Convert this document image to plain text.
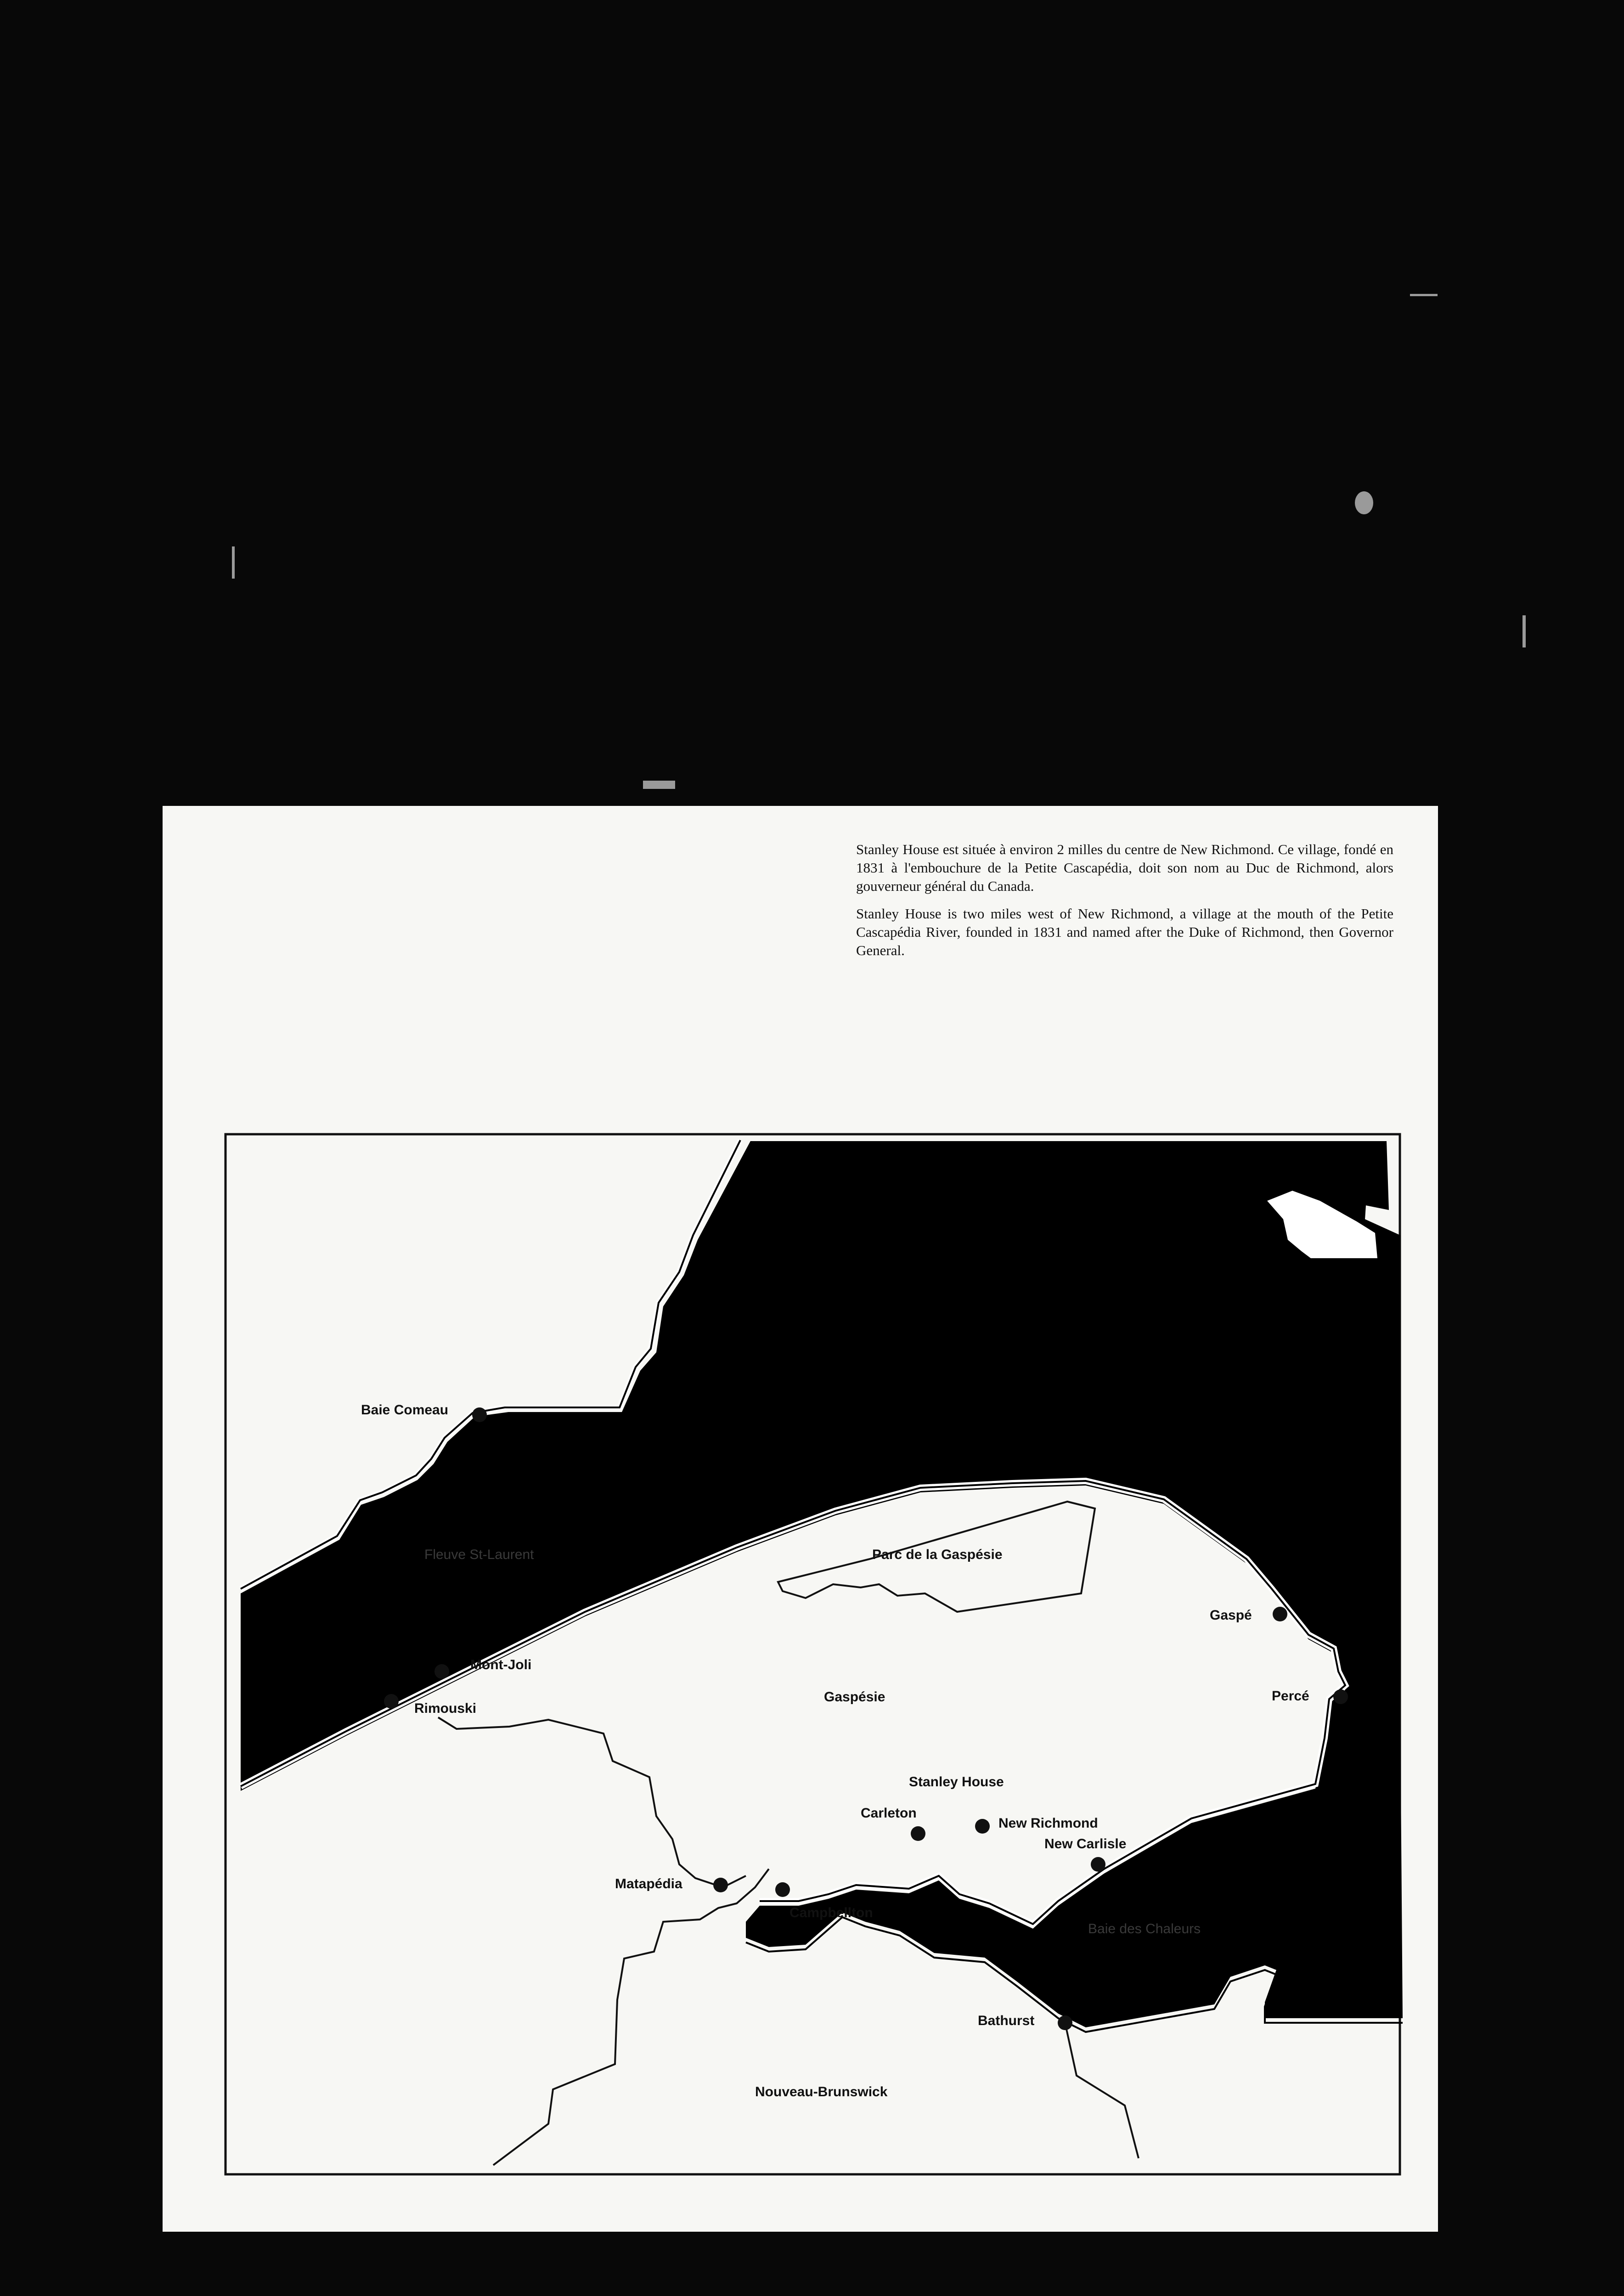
Stanley House est située à environ 2 milles du centre de New Richmond. Ce village, fondé en 1831 à l'embouchure de la Petite Cascapédia, doit son nom au Duc de Richmond, alors gouverneur général du Canada.

Stanley House is two miles west of New Richmond, a village at the mouth of the Petite Cascapédia River, founded in 1831 and named after the Duke of Richmond, then Governor General.

Baie Comeau
Mont-Joli
Rimouski
Matapédia
Campbellton
Carleton
Stanley House
New Richmond
New Carlisle
Gaspé
Percé
Bathurst
Gaspésie
Parc de la Gaspésie
Nouveau-Brunswick
Fleuve St-Laurent
Baie des Chaleurs
